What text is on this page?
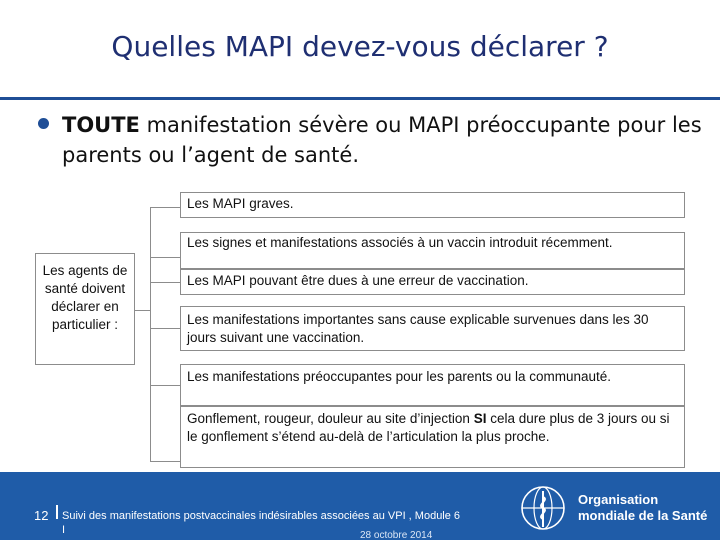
Quelles MAPI devez-vous déclarer ?
TOUTE manifestation sévère ou MAPI préoccupante pour les parents ou l’agent de santé.
Les agents de santé doivent déclarer en particulier :
Les MAPI graves.
Les signes et manifestations associés à un vaccin introduit récemment.
Les MAPI pouvant être dues à une erreur de vaccination.
Les manifestations importantes sans cause explicable survenues dans les 30 jours suivant une vaccination.
Les manifestations préoccupantes pour les parents ou la communauté.
Gonflement, rougeur, douleur au site d’injection SI cela dure plus de 3 jours ou si le gonflement s’étend au-delà de l’articulation la plus proche.
12 Suivi des manifestations postvaccinales indésirables associées au VPI , Module 6 I	28 octobre 2014
Organisation
mondiale de la Santé
